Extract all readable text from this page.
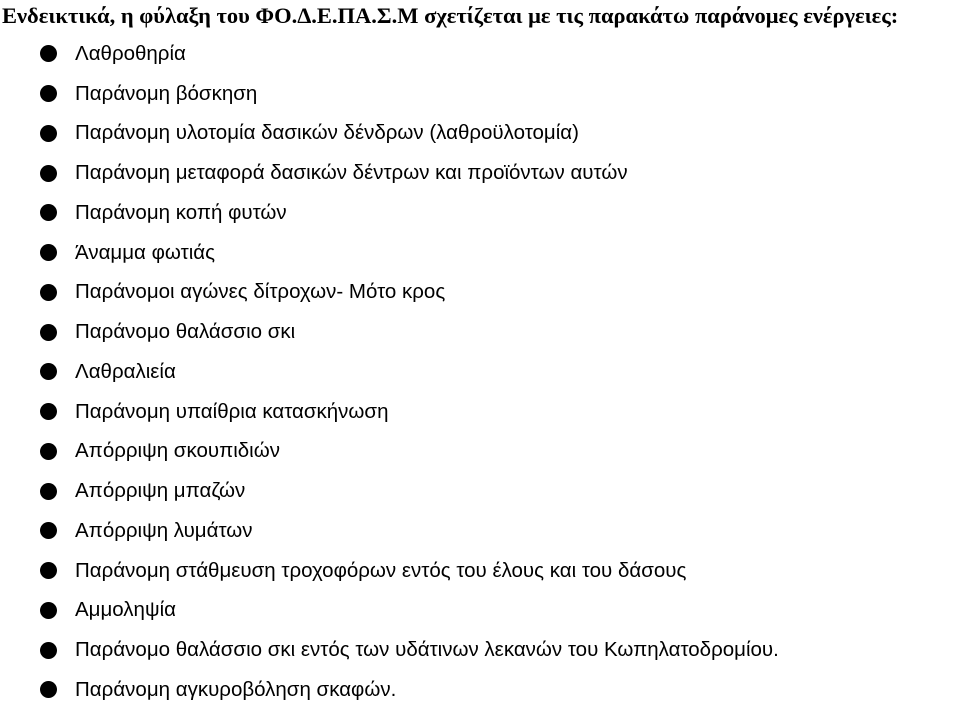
Ενδεικτικά, η φύλαξη του ΦΟ.Δ.Ε.ΠΑ.Σ.Μ σχετίζεται με τις παρακάτω παράνομες ενέργειες:
Λαθροθηρία
Παράνομη βόσκηση
Παράνομη υλοτομία δασικών δένδρων (λαθροϋλοτομία)
Παράνομη μεταφορά δασικών δέντρων και προϊόντων αυτών
Παράνομη κοπή φυτών
Άναμμα φωτιάς
Παράνομοι αγώνες δίτροχων- Μότο κρος
Παράνομο θαλάσσιο σκι
Λαθραλιεία
Παράνομη υπαίθρια κατασκήνωση
Απόρριψη σκουπιδιών
Απόρριψη μπαζών
Απόρριψη λυμάτων
Παράνομη στάθμευση τροχοφόρων εντός του έλους και του δάσους
Αμμοληψία
Παράνομο θαλάσσιο σκι εντός των υδάτινων λεκανών του Κωπηλατοδρομίου.
Παράνομη αγκυροβόληση σκαφών.
